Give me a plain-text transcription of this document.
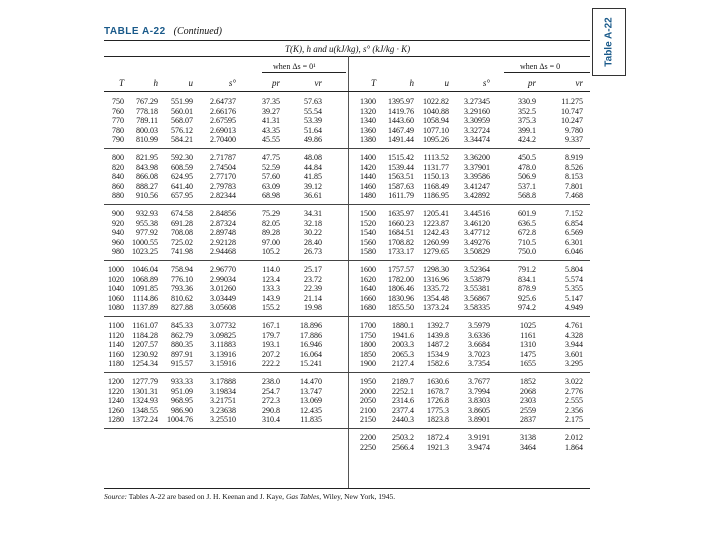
TABLE A-22 (Continued)	Table A-22
T(K), h and u(kJ/kg), s° (kJ/kg · K)
when Δs = 0¹	when Δs = 0
T	h	u	s°	pr	vr	T	h	u	s°	pr	vr
750	767.29	551.99	2.64737	37.35	57.63	1300	1395.97	1022.82	3.27345	330.9	11.275
760	778.18	560.01	2.66176	39.27	55.54	1320	1419.76	1040.88	3.29160	352.5	10.747
770	789.11	568.07	2.67595	41.31	53.39	1340	1443.60	1058.94	3.30959	375.3	10.247
780	800.03	576.12	2.69013	43.35	51.64	1360	1467.49	1077.10	3.32724	399.1	9.780
790	810.99	584.21	2.70400	45.55	49.86	1380	1491.44	1095.26	3.34474	424.2	9.337
800	821.95	592.30	2.71787	47.75	48.08	1400	1515.42	1113.52	3.36200	450.5	8.919
820	843.98	608.59	2.74504	52.59	44.84	1420	1539.44	1131.77	3.37901	478.0	8.526
840	866.08	624.95	2.77170	57.60	41.85	1440	1563.51	1150.13	3.39586	506.9	8.153
860	888.27	641.40	2.79783	63.09	39.12	1460	1587.63	1168.49	3.41247	537.1	7.801
880	910.56	657.95	2.82344	68.98	36.61	1480	1611.79	1186.95	3.42892	568.8	7.468
900	932.93	674.58	2.84856	75.29	34.31	1500	1635.97	1205.41	3.44516	601.9	7.152
920	955.38	691.28	2.87324	82.05	32.18	1520	1660.23	1223.87	3.46120	636.5	6.854
940	977.92	708.08	2.89748	89.28	30.22	1540	1684.51	1242.43	3.47712	672.8	6.569
960	1000.55	725.02	2.92128	97.00	28.40	1560	1708.82	1260.99	3.49276	710.5	6.301
980	1023.25	741.98	2.94468	105.2	26.73	1580	1733.17	1279.65	3.50829	750.0	6.046
1000	1046.04	758.94	2.96770	114.0	25.17	1600	1757.57	1298.30	3.52364	791.2	5.804
1020	1068.89	776.10	2.99034	123.4	23.72	1620	1782.00	1316.96	3.53879	834.1	5.574
1040	1091.85	793.36	3.01260	133.3	22.39	1640	1806.46	1335.72	3.55381	878.9	5.355
1060	1114.86	810.62	3.03449	143.9	21.14	1660	1830.96	1354.48	3.56867	925.6	5.147
1080	1137.89	827.88	3.05608	155.2	19.98	1680	1855.50	1373.24	3.58335	974.2	4.949
1100	1161.07	845.33	3.07732	167.1	18.896	1700	1880.1	1392.7	3.5979	1025	4.761
1120	1184.28	862.79	3.09825	179.7	17.886	1750	1941.6	1439.8	3.6336	1161	4.328
1140	1207.57	880.35	3.11883	193.1	16.946	1800	2003.3	1487.2	3.6684	1310	3.944
1160	1230.92	897.91	3.13916	207.2	16.064	1850	2065.3	1534.9	3.7023	1475	3.601
1180	1254.34	915.57	3.15916	222.2	15.241	1900	2127.4	1582.6	3.7354	1655	3.295
1200	1277.79	933.33	3.17888	238.0	14.470	1950	2189.7	1630.6	3.7677	1852	3.022
1220	1301.31	951.09	3.19834	254.7	13.747	2000	2252.1	1678.7	3.7994	2068	2.776
1240	1324.93	968.95	3.21751	272.3	13.069	2050	2314.6	1726.8	3.8303	2303	2.555
1260	1348.55	986.90	3.23638	290.8	12.435	2100	2377.4	1775.3	3.8605	2559	2.356
1280	1372.24	1004.76	3.25510	310.4	11.835	2150	2440.3	1823.8	3.8901	2837	2.175
2200	2503.2	1872.4	3.9191	3138	2.012
2250	2566.4	1921.3	3.9474	3464	1.864
Source: Tables A-22 are based on J. H. Keenan and J. Kaye, Gas Tables, Wiley, New York, 1945.
